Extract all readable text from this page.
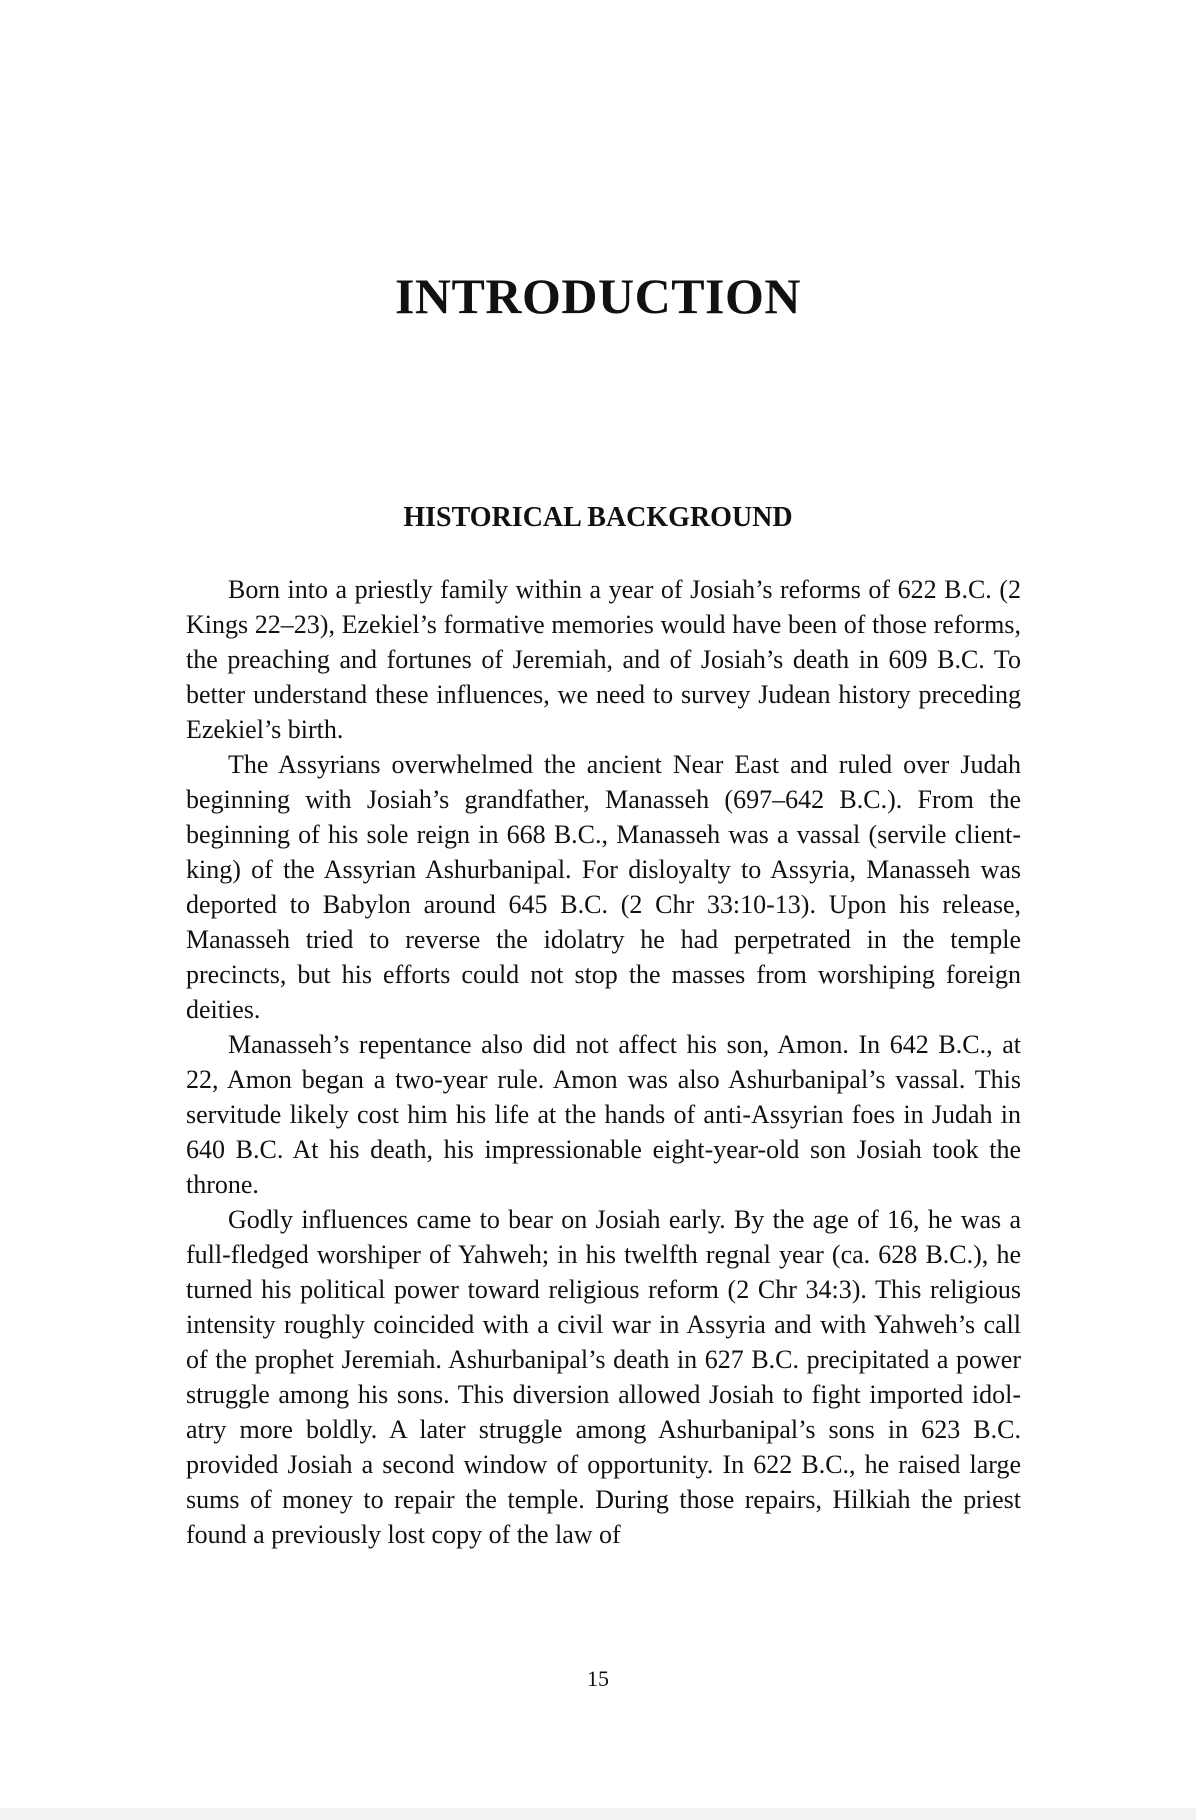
INTRODUCTION
HISTORICAL BACKGROUND

Born into a priestly family within a year of Josiah’s reforms of 622 B.C. (2 Kings 22–23), Ezekiel’s formative memories would have been of those reforms, the preaching and fortunes of Jeremiah, and of Josiah’s death in 609 B.C. To better understand these influences, we need to survey Judean history preceding Ezekiel’s birth.

The Assyrians overwhelmed the ancient Near East and ruled over Judah beginning with Josiah’s grandfather, Manasseh (697–642 B.C.). From the beginning of his sole reign in 668 B.C., Manasseh was a vassal (servile client-king) of the Assyrian Ashurbanipal. For disloyalty to Assyria, Manasseh was deported to Babylon around 645 B.C. (2 Chr 33:10-13). Upon his release, Manasseh tried to reverse the idolatry he had perpetrated in the temple precincts, but his efforts could not stop the masses from worshiping foreign deities.

Manasseh’s repentance also did not affect his son, Amon. In 642 B.C., at 22, Amon began a two-year rule. Amon was also Ashurbanipal’s vassal. This servitude likely cost him his life at the hands of anti-Assyrian foes in Judah in 640 B.C. At his death, his impressionable eight-year-old son Josiah took the throne.

Godly influences came to bear on Josiah early. By the age of 16, he was a full-fledged worshiper of Yahweh; in his twelfth regnal year (ca. 628 B.C.), he turned his political power toward religious reform (2 Chr 34:3). This religious intensity roughly coincided with a civil war in Assyria and with Yahweh’s call of the prophet Jeremiah. Ashurbanipal’s death in 627 B.C. precipitated a power struggle among his sons. This diversion allowed Josiah to fight imported idolatry more boldly. A later struggle among Ashurbanipal’s sons in 623 B.C. provided Josiah a second window of opportunity. In 622 B.C., he raised large sums of money to repair the temple. During those repairs, Hilkiah the priest found a previously lost copy of the law of

15
